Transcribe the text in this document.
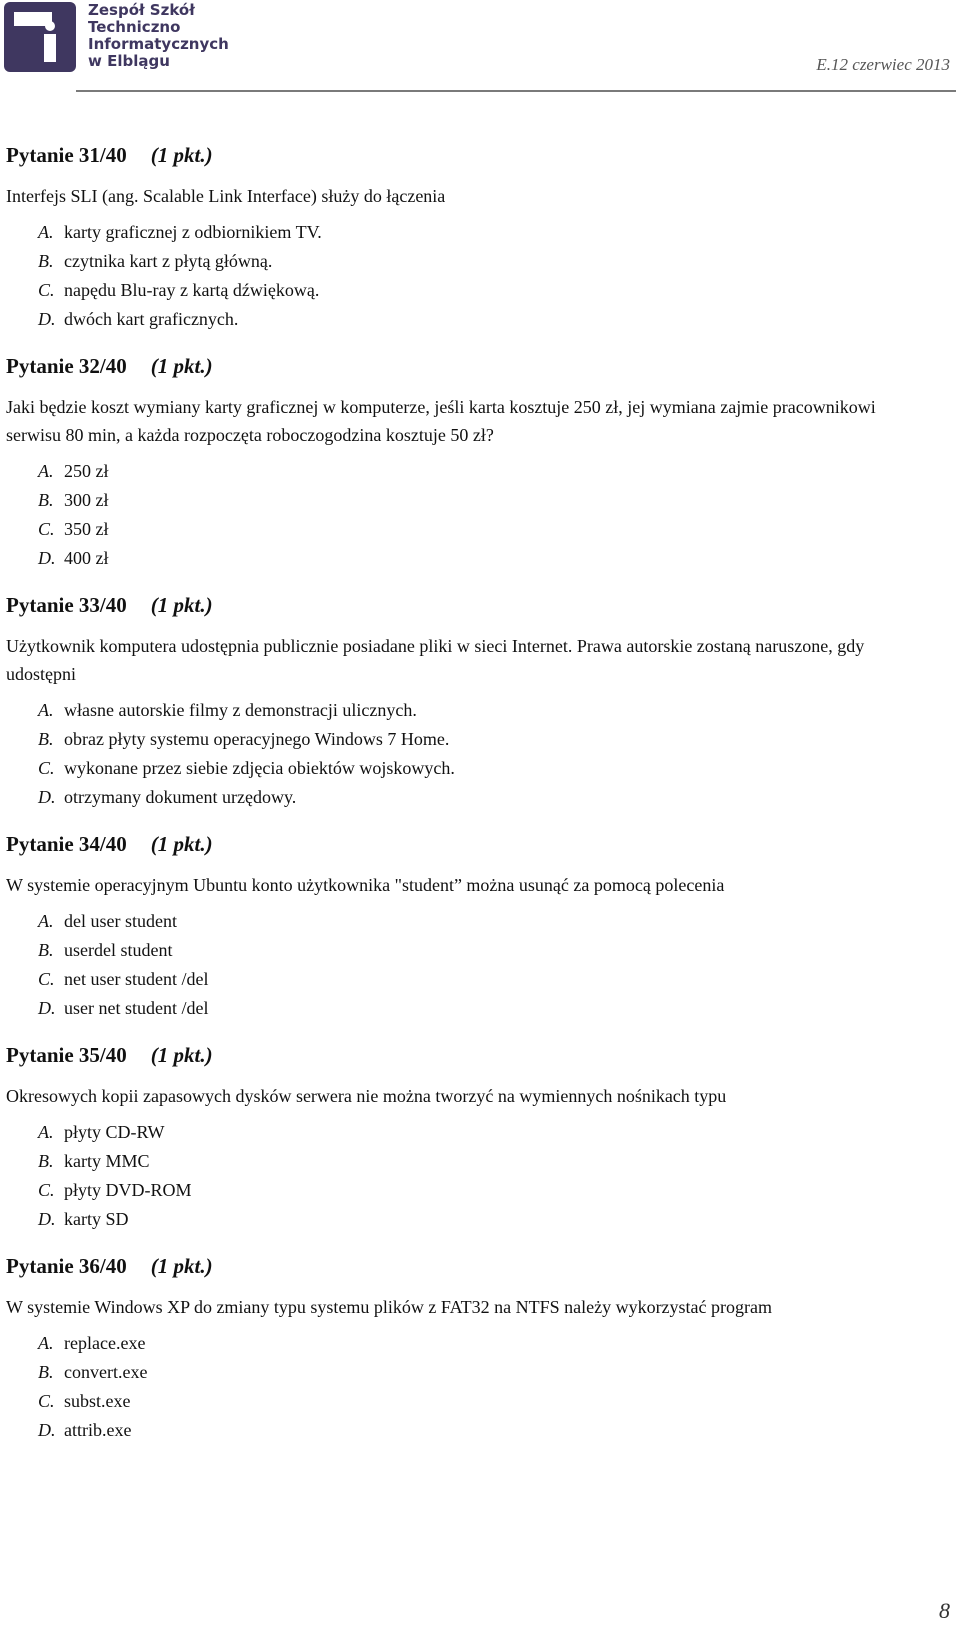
Zespół Szkół
Techniczno
Informatycznych
w Elblągu	E.12 czerwiec 2013
Pytanie 31/40 (1 pkt.)
Interfejs SLI (ang. Scalable Link Interface) służy do łączenia
A. karty graficznej z odbiornikiem TV.
B. czytnika kart z płytą główną.
C. napędu Blu-ray z kartą dźwiękową.
D. dwóch kart graficznych.
Pytanie 32/40 (1 pkt.)
Jaki będzie koszt wymiany karty graficznej w komputerze, jeśli karta kosztuje 250 zł, jej wymiana zajmie pracownikowi serwisu 80 min, a każda rozpoczęta roboczogodzina kosztuje 50 zł?
A. 250 zł
B. 300 zł
C. 350 zł
D. 400 zł
Pytanie 33/40 (1 pkt.)
Użytkownik komputera udostępnia publicznie posiadane pliki w sieci Internet. Prawa autorskie zostaną naruszone, gdy udostępni
A. własne autorskie filmy z demonstracji ulicznych.
B. obraz płyty systemu operacyjnego Windows 7 Home.
C. wykonane przez siebie zdjęcia obiektów wojskowych.
D. otrzymany dokument urzędowy.
Pytanie 34/40 (1 pkt.)
W systemie operacyjnym Ubuntu konto użytkownika "student” można usunąć za pomocą polecenia
A. del user student
B. userdel student
C. net user student /del
D. user net student /del
Pytanie 35/40 (1 pkt.)
Okresowych kopii zapasowych dysków serwera nie można tworzyć na wymiennych nośnikach typu
A. płyty CD-RW
B. karty MMC
C. płyty DVD-ROM
D. karty SD
Pytanie 36/40 (1 pkt.)
W systemie Windows XP do zmiany typu systemu plików z FAT32 na NTFS należy wykorzystać program
A. replace.exe
B. convert.exe
C. subst.exe
D. attrib.exe
8
